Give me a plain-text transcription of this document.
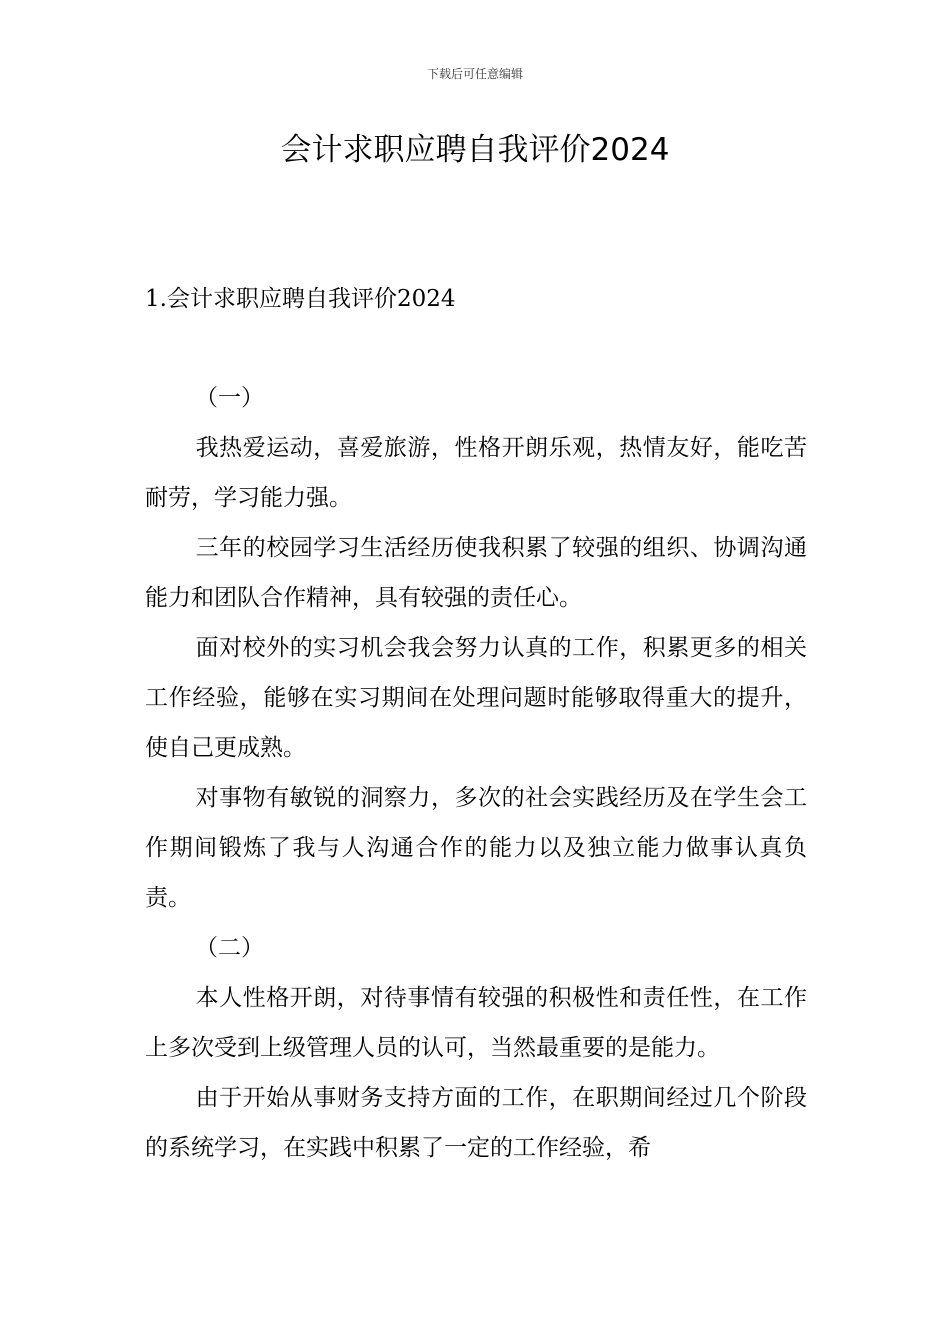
下载后可任意编辑
会计求职应聘自我评价2024
1.会计求职应聘自我评价2024

（一）

我热爱运动，喜爱旅游，性格开朗乐观，热情友好，能吃苦耐劳，学习能力强。

三年的校园学习生活经历使我积累了较强的组织、协调沟通能力和团队合作精神，具有较强的责任心。

面对校外的实习机会我会努力认真的工作，积累更多的相关工作经验，能够在实习期间在处理问题时能够取得重大的提升，使自己更成熟。

对事物有敏锐的洞察力，多次的社会实践经历及在学生会工作期间锻炼了我与人沟通合作的能力以及独立能力做事认真负责。

（二）

本人性格开朗，对待事情有较强的积极性和责任性，在工作上多次受到上级管理人员的认可，当然最重要的是能力。

由于开始从事财务支持方面的工作，在职期间经过几个阶段的系统学习，在实践中积累了一定的工作经验，希
